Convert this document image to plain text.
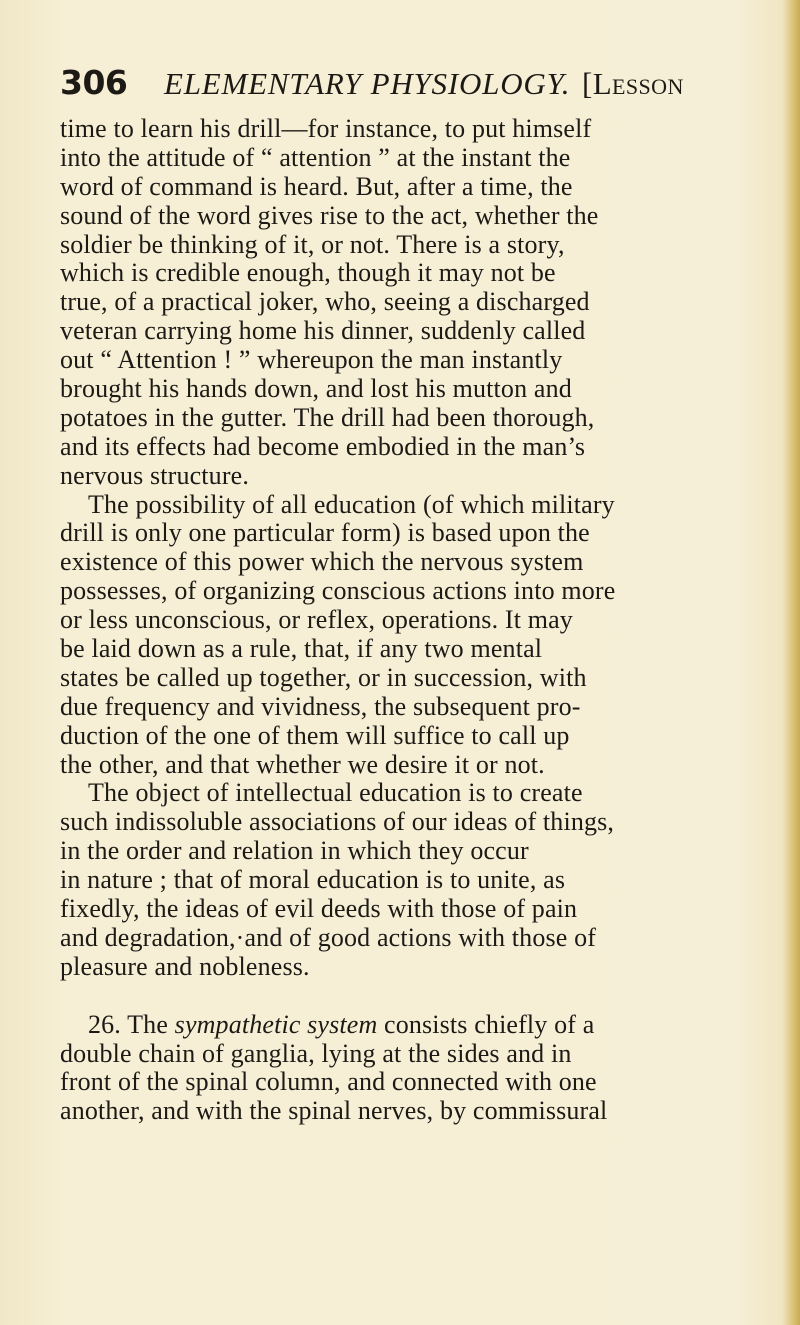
306 ELEMENTARY PHYSIOLOGY. [Lesson
time to learn his drill—for instance, to put himself
into the attitude of “ attention ” at the instant the
word of command is heard. But, after a time, the
sound of the word gives rise to the act, whether the
soldier be thinking of it, or not. There is a story,
which is credible enough, though it may not be
true, of a practical joker, who, seeing a discharged
veteran carrying home his dinner, suddenly called
out “ Attention ! ” whereupon the man instantly
brought his hands down, and lost his mutton and
potatoes in the gutter. The drill had been thorough,
and its effects had become embodied in the man’s
nervous structure.
The possibility of all education (of which military
drill is only one particular form) is based upon the
existence of this power which the nervous system
possesses, of organizing conscious actions into more
or less unconscious, or reflex, operations. It may
be laid down as a rule, that, if any two mental
states be called up together, or in succession, with
due frequency and vividness, the subsequent pro-
duction of the one of them will suffice to call up
the other, and that whether we desire it or not.
The object of intellectual education is to create
such indissoluble associations of our ideas of things,
in the order and relation in which they occur
in nature ; that of moral education is to unite, as
fixedly, the ideas of evil deeds with those of pain
and degradation,·and of good actions with those of
pleasure and nobleness.
26. The sympathetic system consists chiefly of a
double chain of ganglia, lying at the sides and in
front of the spinal column, and connected with one
another, and with the spinal nerves, by commissural
